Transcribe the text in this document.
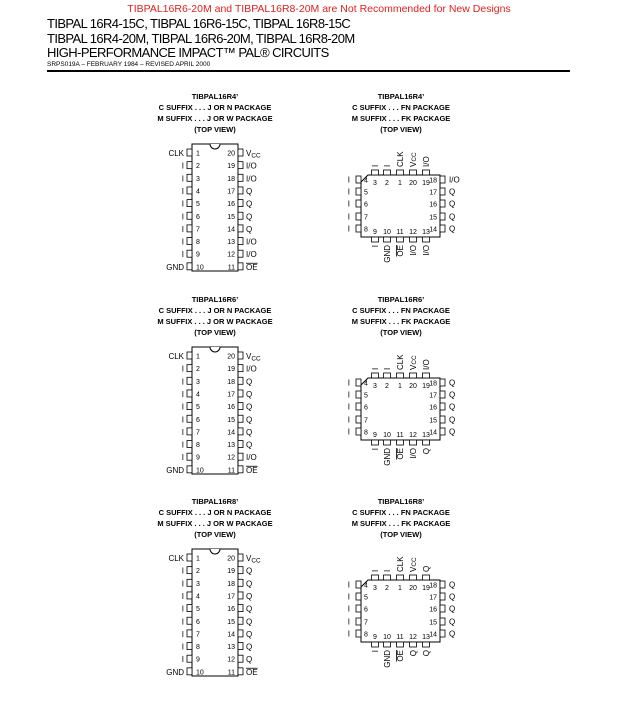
TIBPAL16R6-20M and TIBPAL16R8-20M are Not Recommended for New Designs
TIBPAL 16R4-15C, TIBPAL 16R6-15C, TIBPAL 16R8-15C
TIBPAL 16R4-20M, TIBPAL 16R6-20M, TIBPAL 16R8-20M
HIGH-PERFORMANCE IMPACT™ PAL® CIRCUITS
SRPS019A – FEBRUARY 1984 – REVISED APRIL 2000
TIBPAL16R4’
C SUFFIX . . . J OR N PACKAGE
M SUFFIX . . . J OR W PACKAGE
(TOP VIEW)
1
CLK	20 VCC
2
I	19 I/O
3
I	18 I/O
4
I	17 Q
5
I	16 Q
6
I	15 Q
7
I	14 Q
8
I	13 I/O
9
I	12 I/O
10
GND	11 OE
TIBPAL16R4’
C SUFFIX . . . FN PACKAGE
M SUFFIX . . . FK PACKAGE
(TOP VIEW)
3
I
2
I
1
CLK
20
VCC
19
I/O
9
I
10
GND
11
OE
12
I/O
13
I/O
4
I
5
I
6
I
7
I
8
I
18 I/O
17 Q
16 Q
15 Q
14 Q
TIBPAL16R6’
C SUFFIX . . . J OR N PACKAGE
M SUFFIX . . . J OR W PACKAGE
(TOP VIEW)
1
CLK	20 VCC
2
I	19 I/O
3
I	18 Q
4
I	17 Q
5
I	16 Q
6
I	15 Q
7
I	14 Q
8
I	13 Q
9
I	12 I/O
10
GND	11 OE
TIBPAL16R6’
C SUFFIX . . . FN PACKAGE
M SUFFIX . . . FK PACKAGE
(TOP VIEW)
3
I
2
I
1
CLK
20
VCC
19
I/O
9
I
10
GND
11
OE
12
I/O
13
Q
4
I
5
I
6
I
7
I
8
I
18 Q
17 Q
16 Q
15 Q
14 Q
TIBPAL16R8’
C SUFFIX . . . J OR N PACKAGE
M SUFFIX . . . J OR W PACKAGE
(TOP VIEW)
1
CLK	20 VCC
2
I	19 Q
3
I	18 Q
4
I	17 Q
5
I	16 Q
6
I	15 Q
7
I	14 Q
8
I	13 Q
9
I	12 Q
10
GND	11 OE
TIBPAL16R8’
C SUFFIX . . . FN PACKAGE
M SUFFIX . . . FK PACKAGE
(TOP VIEW)
3
I
2
I
1
CLK
20
VCC
19
Q
9
I
10
GND
11
OE
12
Q
13
Q
4
I
5
I
6
I
7
I
8
I
18 Q
17 Q
16 Q
15 Q
14 Q
